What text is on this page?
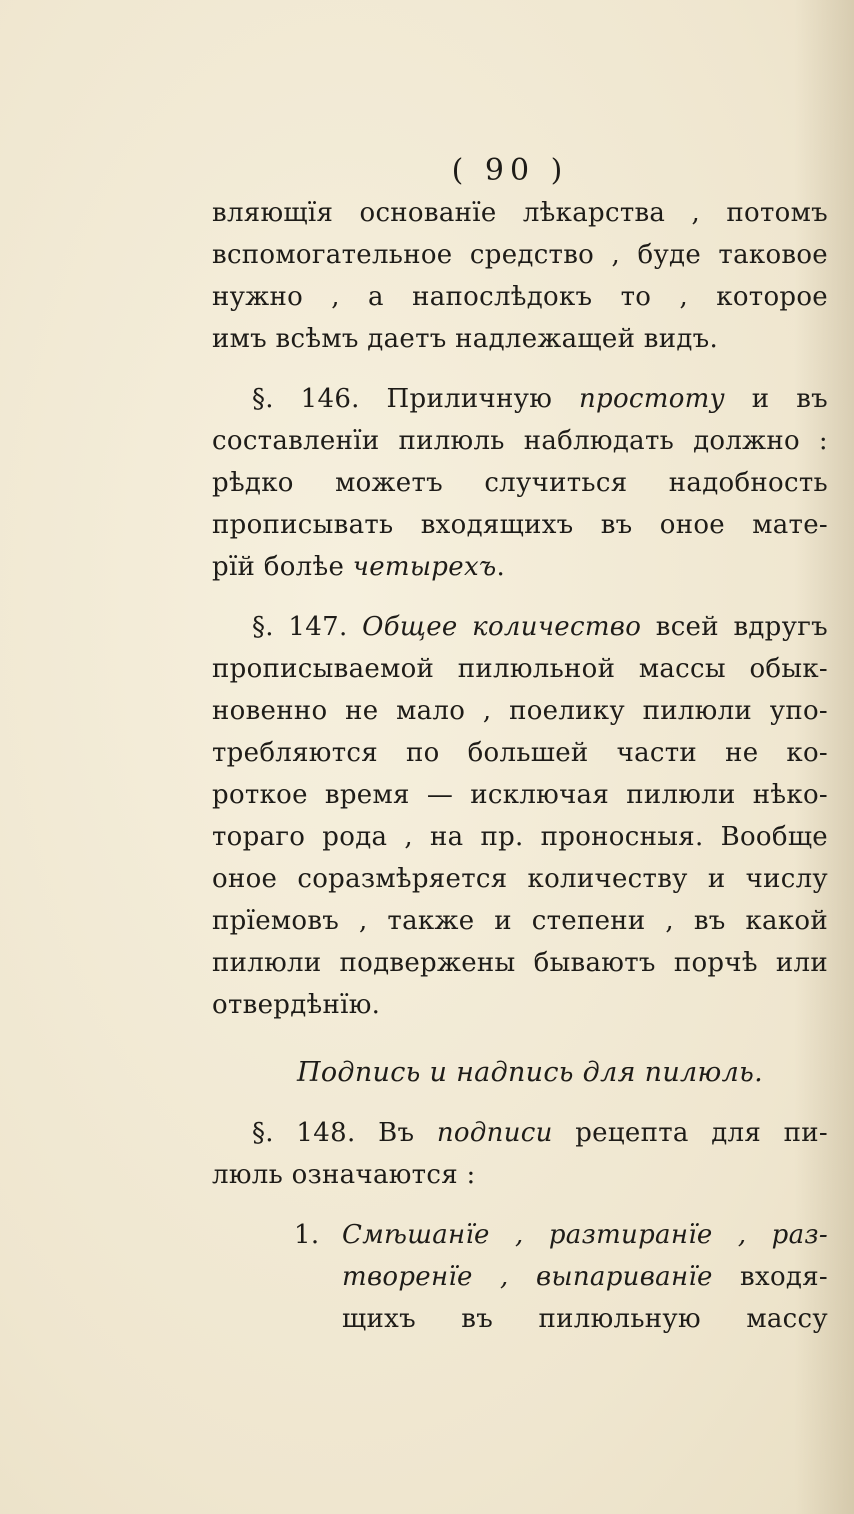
( 90 )
вляющїя основанїе лѣкарства , потомъ
вспомогательное средство , буде таковое
нужно , а напослѣдокъ то , которое
имъ всѣмъ даетъ надлежащей видъ.
§. 146. Приличную простоту и въ
составленїи пилюль наблюдать должно :
рѣдко можетъ случиться надобность
прописывать входящихъ въ оное мате-
рїй болѣе четырехъ.
§. 147. Общее количество всей вдругъ
прописываемой пилюльной массы обык-
новенно не мало , поелику пилюли упо-
требляются по большей части не ко-
роткое время — исключая пилюли нѣко-
тораго рода , на пр. проносныя. Вообще
оное соразмѣряется количеству и числу
прїемовъ , также и степени , въ какой
пилюли подвержены бываютъ порчѣ или
отвердѣнїю.
Подпись и надпись для пилюль.
§. 148. Въ подписи рецепта для пи-
люль означаются :
1. Смѣшанїе , разтиранїе , раз-
творенїе , выпариванїе входя-
щихъ въ пилюльную массу
